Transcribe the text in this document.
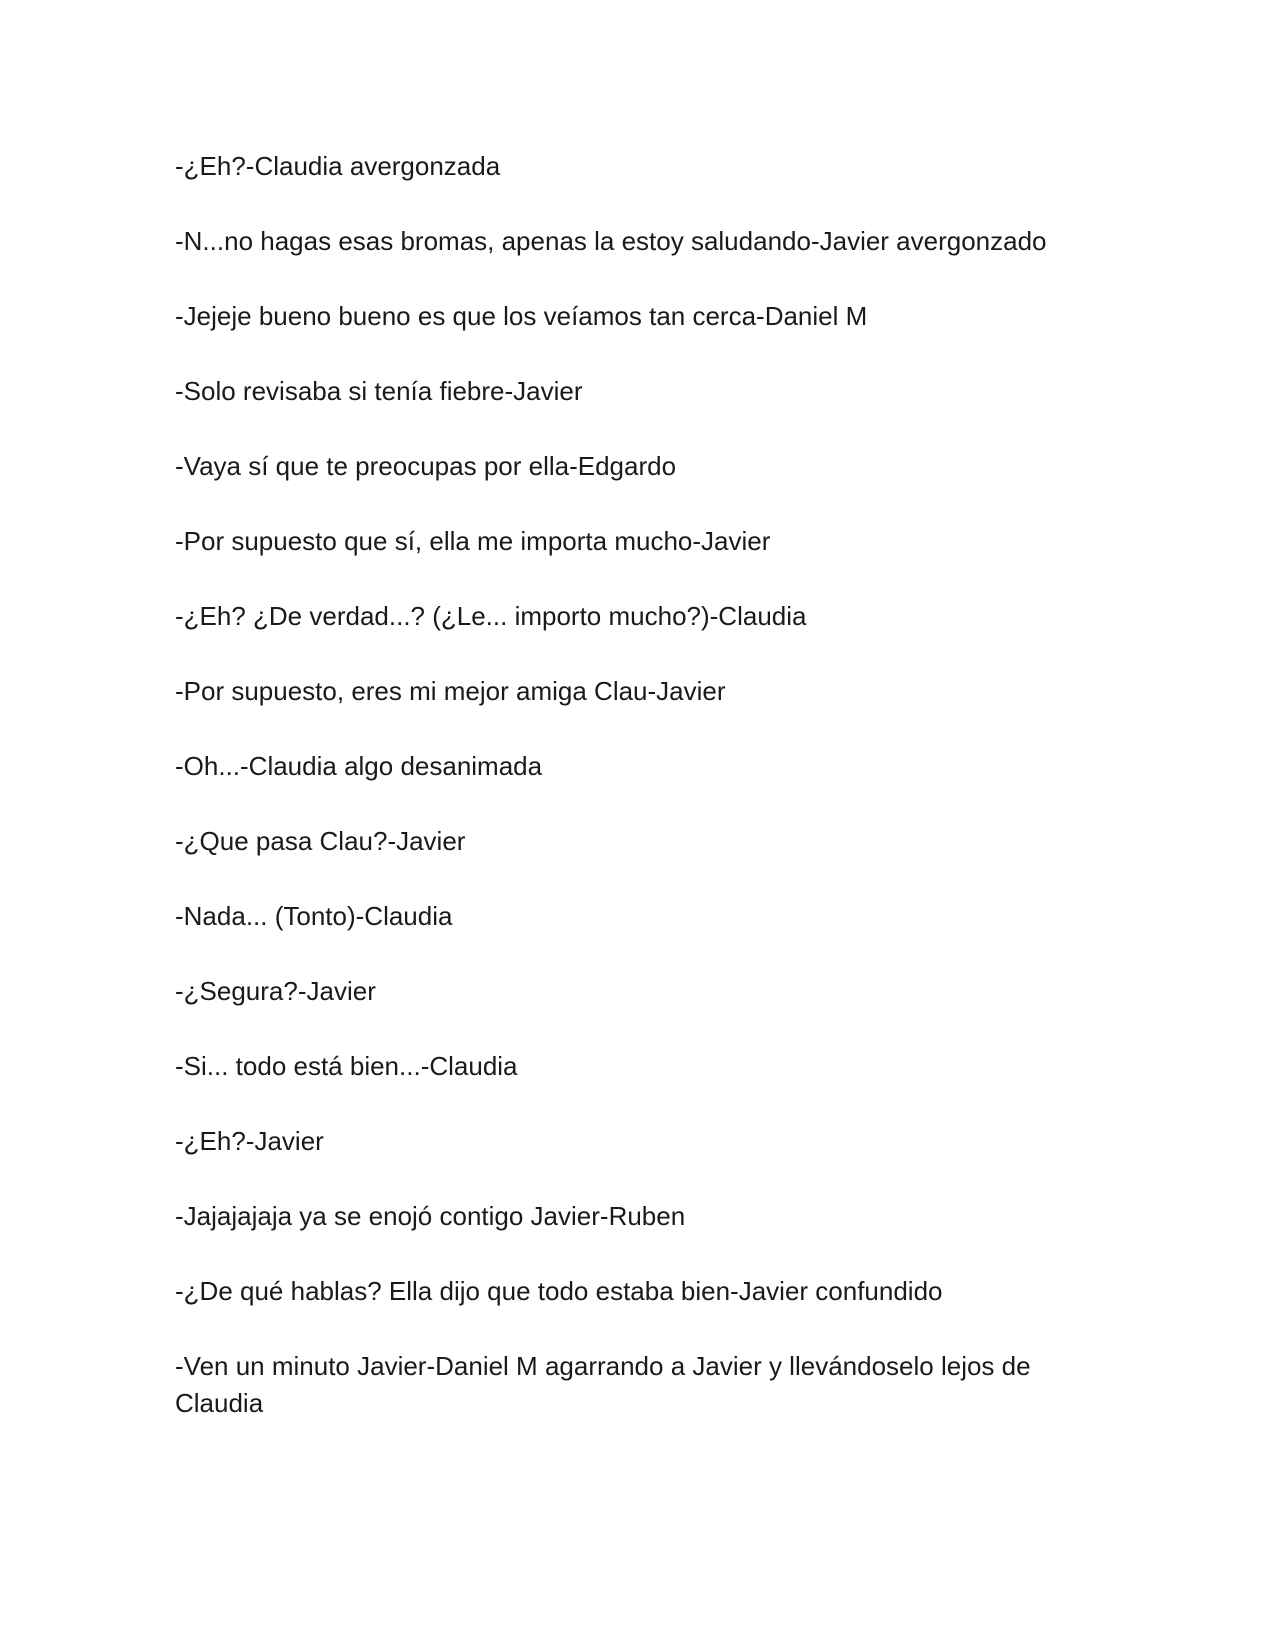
-¿Eh?-Claudia avergonzada

-N...no hagas esas bromas, apenas la estoy saludando-Javier avergonzado

-Jejeje bueno bueno es que los veíamos tan cerca-Daniel M

-Solo revisaba si tenía fiebre-Javier

-Vaya sí que te preocupas por ella-Edgardo

-Por supuesto que sí, ella me importa mucho-Javier

-¿Eh? ¿De verdad...? (¿Le... importo mucho?)-Claudia

-Por supuesto, eres mi mejor amiga Clau-Javier

-Oh...-Claudia algo desanimada

-¿Que pasa Clau?-Javier

-Nada... (Tonto)-Claudia

-¿Segura?-Javier

-Si... todo está bien...-Claudia

-¿Eh?-Javier

-Jajajajaja ya se enojó contigo Javier-Ruben

-¿De qué hablas? Ella dijo que todo estaba bien-Javier confundido

-Ven un minuto Javier-Daniel M agarrando a Javier y llevándoselo lejos de Claudia
